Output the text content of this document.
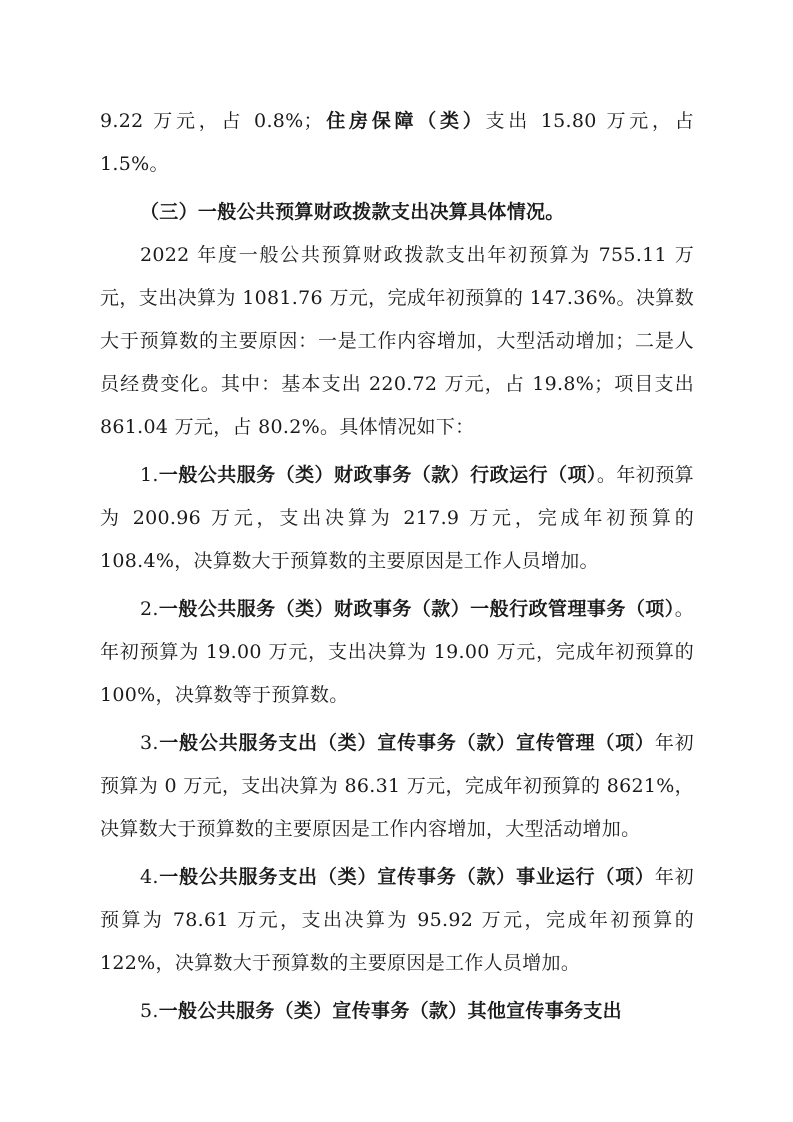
9.22 万元，占 0.8%；住房保障（类）支出 15.80 万元，占 1.5%。

（三）一般公共预算财政拨款支出决算具体情况。

2022 年度一般公共预算财政拨款支出年初预算为 755.11 万元，支出决算为 1081.76 万元，完成年初预算的 147.36%。决算数大于预算数的主要原因：一是工作内容增加，大型活动增加；二是人员经费变化。其中：基本支出 220.72 万元，占 19.8%；项目支出 861.04 万元，占 80.2%。具体情况如下：

1.一般公共服务（类）财政事务（款）行政运行（项）。年初预算为 200.96 万元，支出决算为 217.9 万元，完成年初预算的 108.4%，决算数大于预算数的主要原因是工作人员增加。

2.一般公共服务（类）财政事务（款）一般行政管理事务（项）。年初预算为 19.00 万元，支出决算为 19.00 万元，完成年初预算的 100%，决算数等于预算数。

3.一般公共服务支出（类）宣传事务（款）宣传管理（项）年初预算为 0 万元，支出决算为 86.31 万元，完成年初预算的 8621%，决算数大于预算数的主要原因是工作内容增加，大型活动增加。

4.一般公共服务支出（类）宣传事务（款）事业运行（项）年初预算为 78.61 万元，支出决算为 95.92 万元，完成年初预算的 122%，决算数大于预算数的主要原因是工作人员增加。

5.一般公共服务（类）宣传事务（款）其他宣传事务支出
